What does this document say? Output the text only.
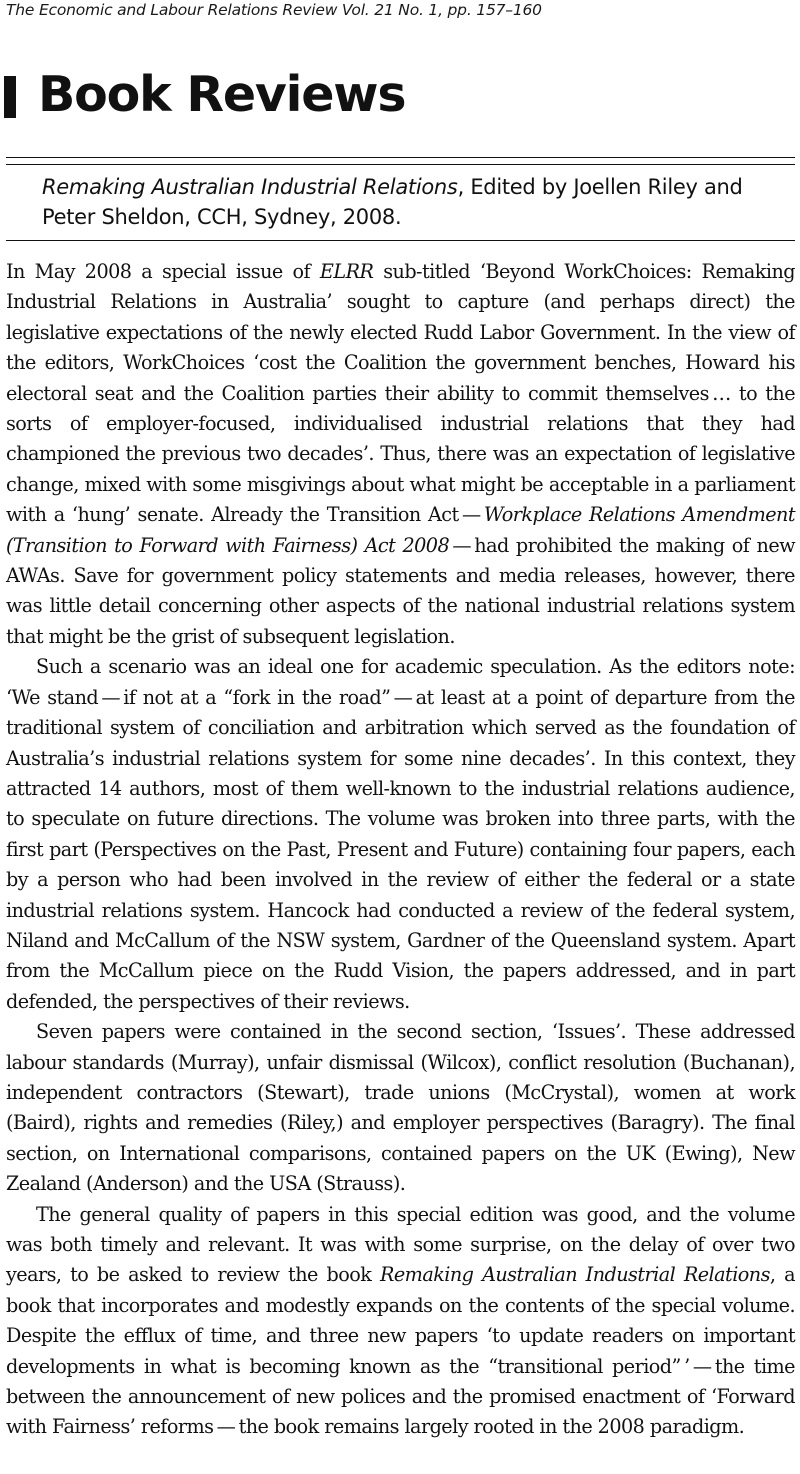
The Economic and Labour Relations Review Vol. 21 No. 1, pp. 157–160
Book Reviews
Remaking Australian Industrial Relations, Edited by Joellen Riley and Peter Sheldon, CCH, Sydney, 2008.

In May 2008 a special issue of ELRR sub-titled ‘Beyond WorkChoices: Remaking Industrial Relations in Australia’ sought to capture (and perhaps direct) the legislative expectations of the newly elected Rudd Labor Government. In the view of the editors, WorkChoices ‘cost the Coalition the government benches, Howard his electoral seat and the Coalition parties their ability to commit themselves … to the sorts of employer-focused, individualised industrial relations that they had championed the previous two decades’. Thus, there was an expectation of legislative change, mixed with some misgivings about what might be acceptable in a parliament with a ‘hung’ senate. Already the Transition Act — Workplace Relations Amendment (Transition to Forward with Fairness) Act 2008 — had prohibited the making of new AWAs. Save for government policy statements and media releases, however, there was little detail concerning other aspects of the national industrial relations system that might be the grist of subsequent legislation.

Such a scenario was an ideal one for academic speculation. As the editors note: ‘We stand — if not at a “fork in the road” — at least at a point of departure from the traditional system of conciliation and arbitration which served as the foundation of Australia’s industrial relations system for some nine decades’. In this context, they attracted 14 authors, most of them well-known to the industrial relations audience, to speculate on future directions. The volume was broken into three parts, with the first part (Perspectives on the Past, Present and Future) containing four papers, each by a person who had been involved in the review of either the federal or a state industrial relations system. Hancock had conducted a review of the federal system, Niland and McCallum of the NSW system, Gardner of the Queensland system. Apart from the McCallum piece on the Rudd Vision, the papers addressed, and in part defended, the perspectives of their reviews.

Seven papers were contained in the second section, ‘Issues’. These addressed labour standards (Murray), unfair dismissal (Wilcox), conflict resolution (Buchanan), independent contractors (Stewart), trade unions (McCrystal), women at work (Baird), rights and remedies (Riley,) and employer perspectives (Baragry). The final section, on International comparisons, contained papers on the UK (Ewing), New Zealand (Anderson) and the USA (Strauss).

The general quality of papers in this special edition was good, and the volume was both timely and relevant. It was with some surprise, on the delay of over two years, to be asked to review the book Remaking Australian Industrial Relations, a book that incorporates and modestly expands on the contents of the special volume. Despite the efflux of time, and three new papers ‘to update readers on important developments in what is becoming known as the “transitional period” ’ — the time between the announcement of new polices and the promised enactment of ‘Forward with Fairness’ reforms — the book remains largely rooted in the 2008 paradigm.
